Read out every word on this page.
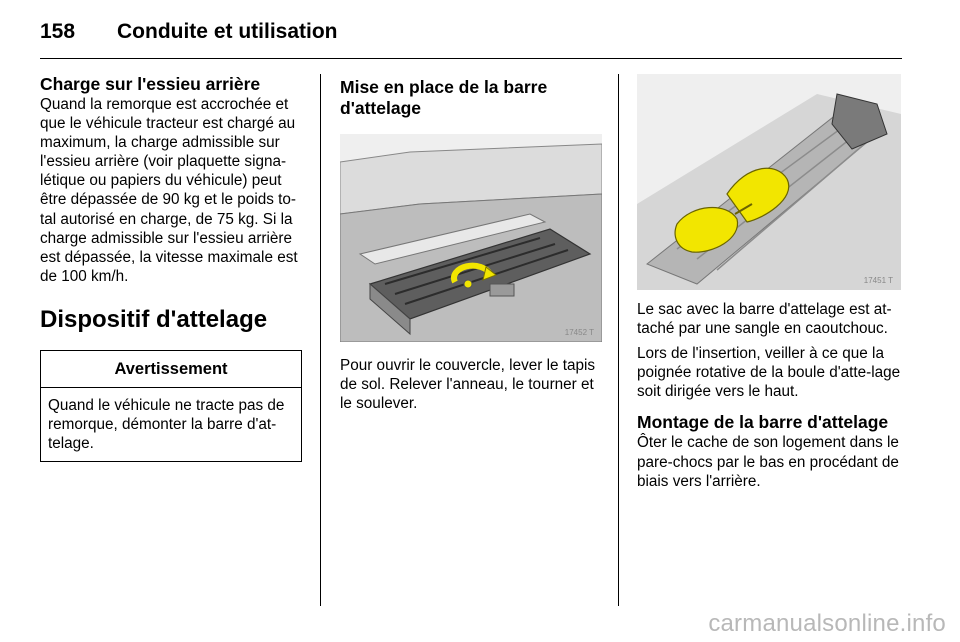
158 Conduite et utilisation
Charge sur l'essieu arrière
Quand la remorque est accrochée et que le véhicule tracteur est chargé au maximum, la charge admissible sur l'essieu arrière (voir plaquette signa-létique ou papiers du véhicule) peut être dépassée de 90 kg et le poids to-tal autorisé en charge, de 75 kg. Si la charge admissible sur l'essieu arrière est dépassée, la vitesse maximale est de 100 km/h.
Dispositif d'attelage
Avertissement
Quand le véhicule ne tracte pas de remorque, démonter la barre d'at-telage.
Mise en place de la barre d'attelage
17452 T
Pour ouvrir le couvercle, lever le tapis de sol. Relever l'anneau, le tourner et le soulever.
17451 T
Le sac avec la barre d'attelage est at-taché par une sangle en caoutchouc.
Lors de l'insertion, veiller à ce que la poignée rotative de la boule d'atte-lage soit dirigée vers le haut.
Montage de la barre d'attelage
Ôter le cache de son logement dans le pare-chocs par le bas en procédant de biais vers l'arrière.
carmanualsonline.info
